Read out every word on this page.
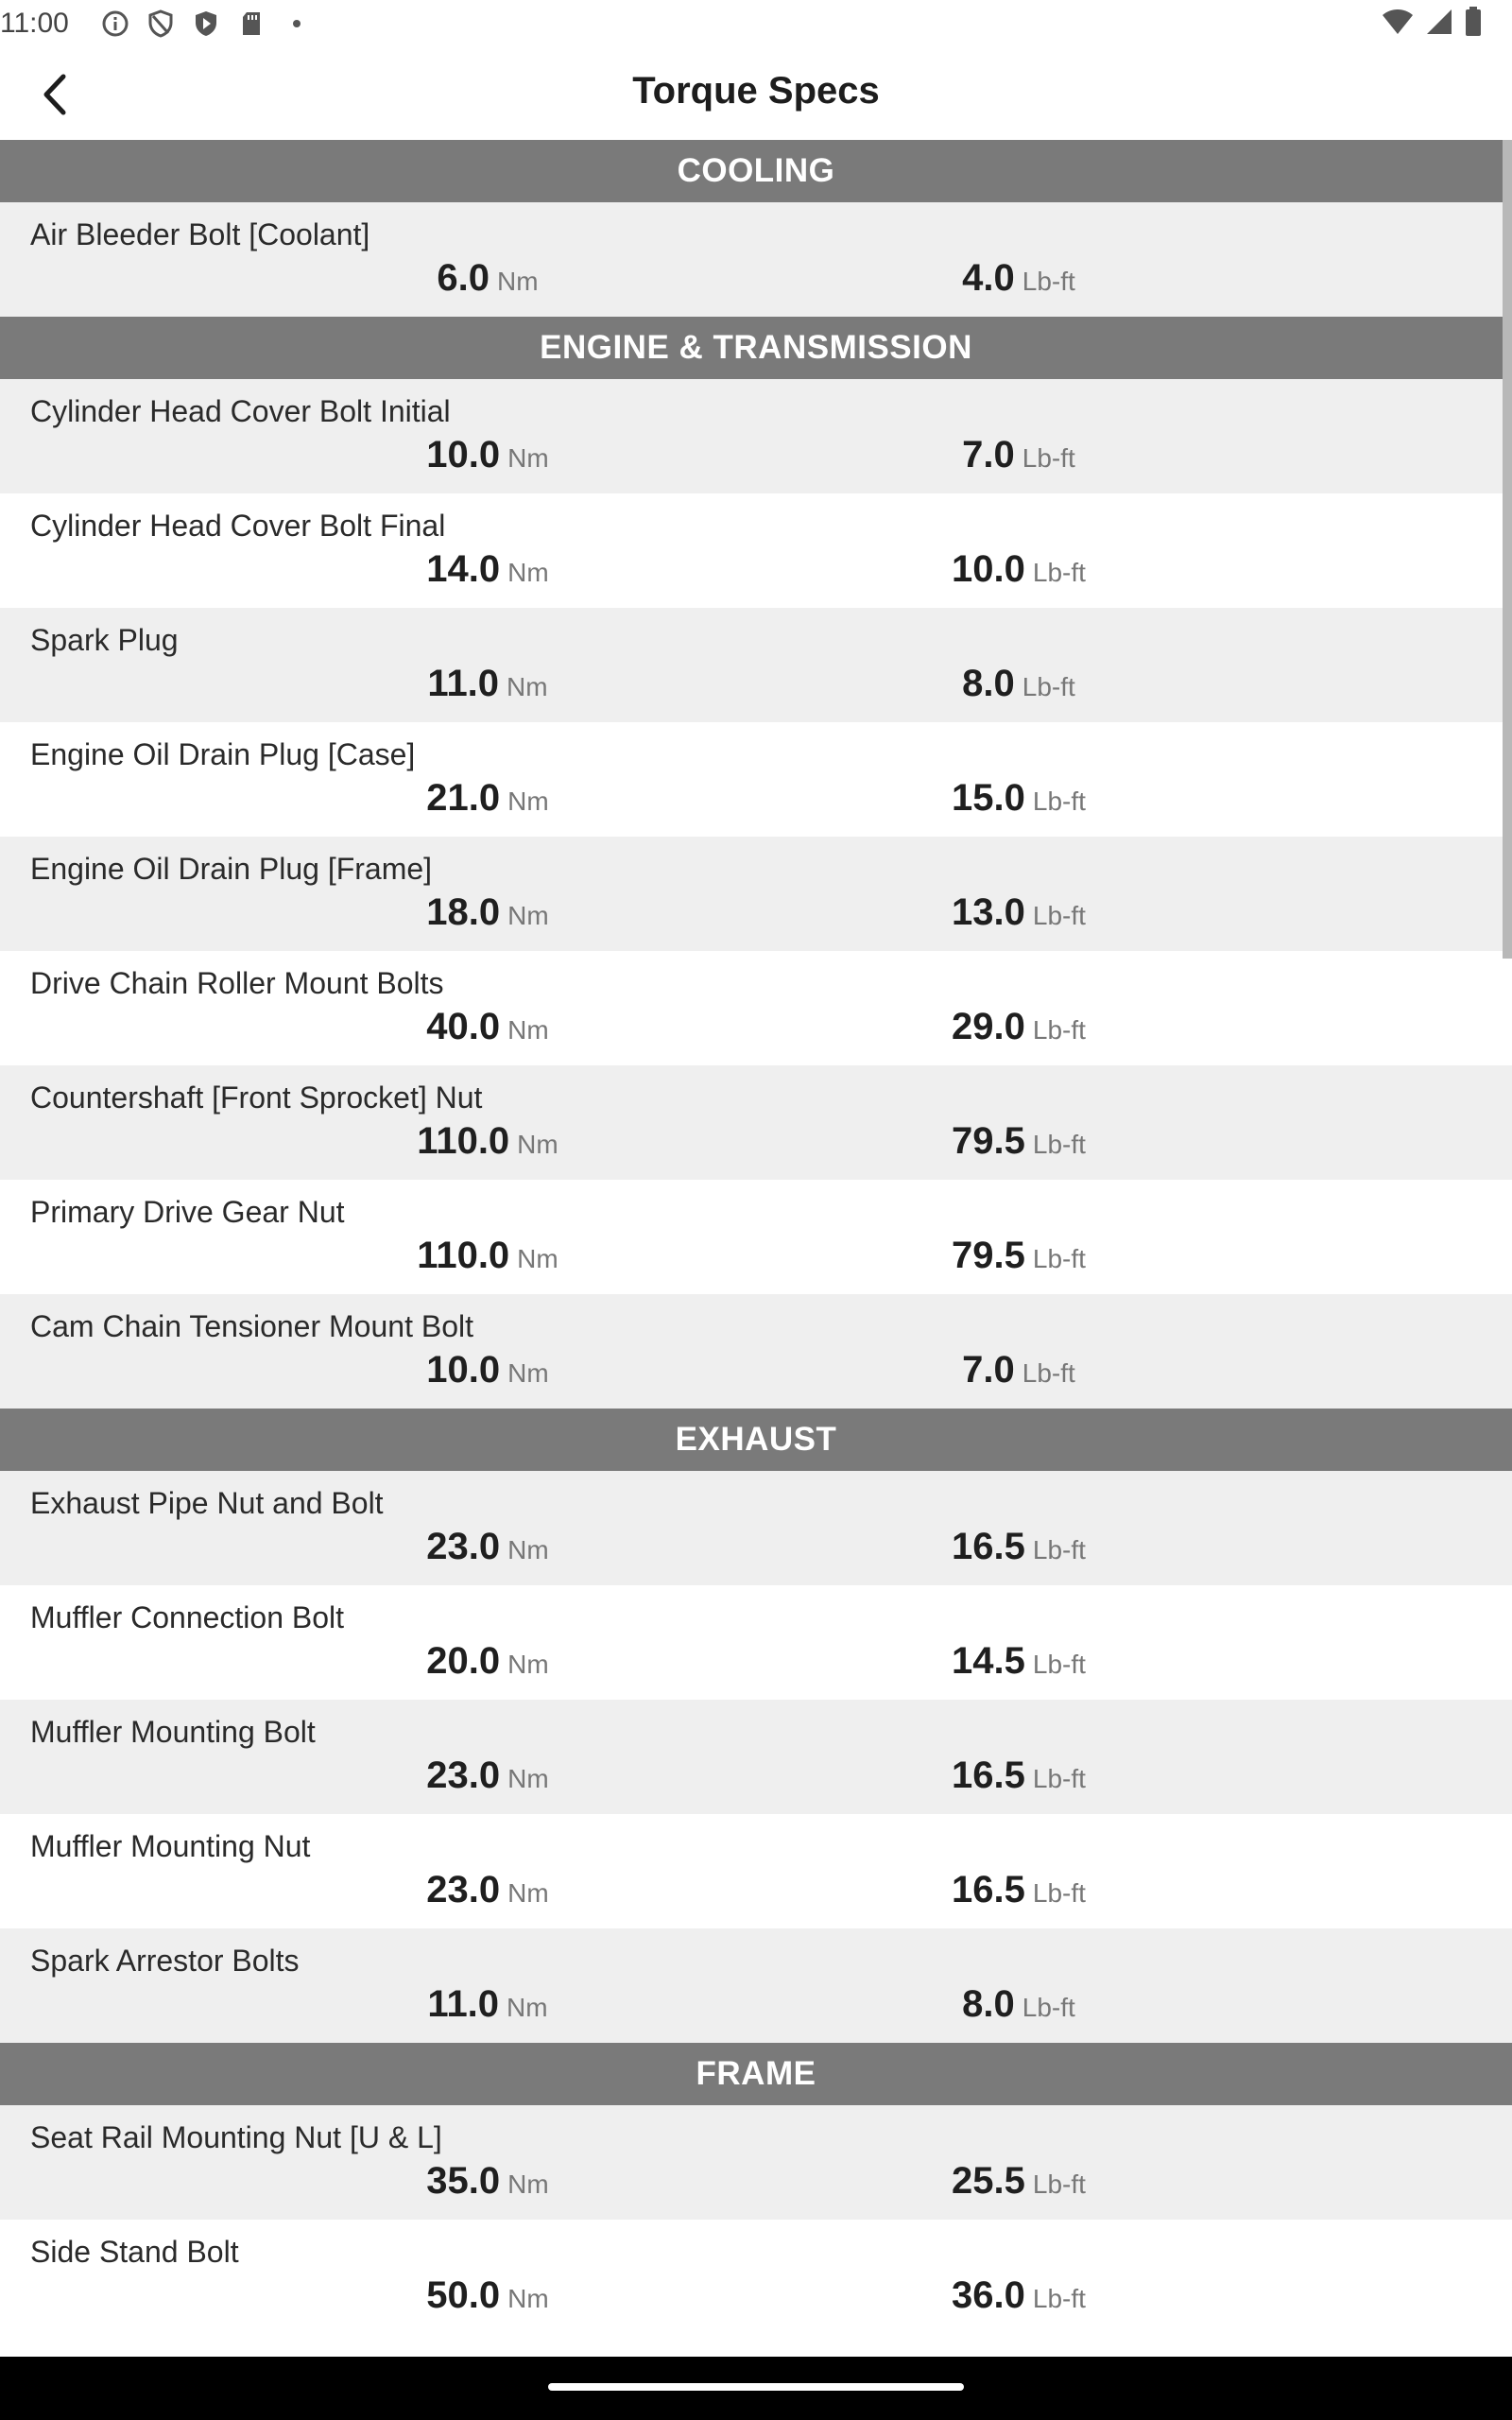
11:00
Torque Specs
COOLING
Air Bleeder Bolt [Coolant]
6.0 Nm	4.0 Lb-ft
ENGINE & TRANSMISSION
Cylinder Head Cover Bolt Initial
10.0 Nm	7.0 Lb-ft
Cylinder Head Cover Bolt Final
14.0 Nm	10.0 Lb-ft
Spark Plug
11.0 Nm	8.0 Lb-ft
Engine Oil Drain Plug [Case]
21.0 Nm	15.0 Lb-ft
Engine Oil Drain Plug [Frame]
18.0 Nm	13.0 Lb-ft
Drive Chain Roller Mount Bolts
40.0 Nm	29.0 Lb-ft
Countershaft [Front Sprocket] Nut
110.0 Nm	79.5 Lb-ft
Primary Drive Gear Nut
110.0 Nm	79.5 Lb-ft
Cam Chain Tensioner Mount Bolt
10.0 Nm	7.0 Lb-ft
EXHAUST
Exhaust Pipe Nut and Bolt
23.0 Nm	16.5 Lb-ft
Muffler Connection Bolt
20.0 Nm	14.5 Lb-ft
Muffler Mounting Bolt
23.0 Nm	16.5 Lb-ft
Muffler Mounting Nut
23.0 Nm	16.5 Lb-ft
Spark Arrestor Bolts
11.0 Nm	8.0 Lb-ft
FRAME
Seat Rail Mounting Nut [U & L]
35.0 Nm	25.5 Lb-ft
Side Stand Bolt
50.0 Nm	36.0 Lb-ft
